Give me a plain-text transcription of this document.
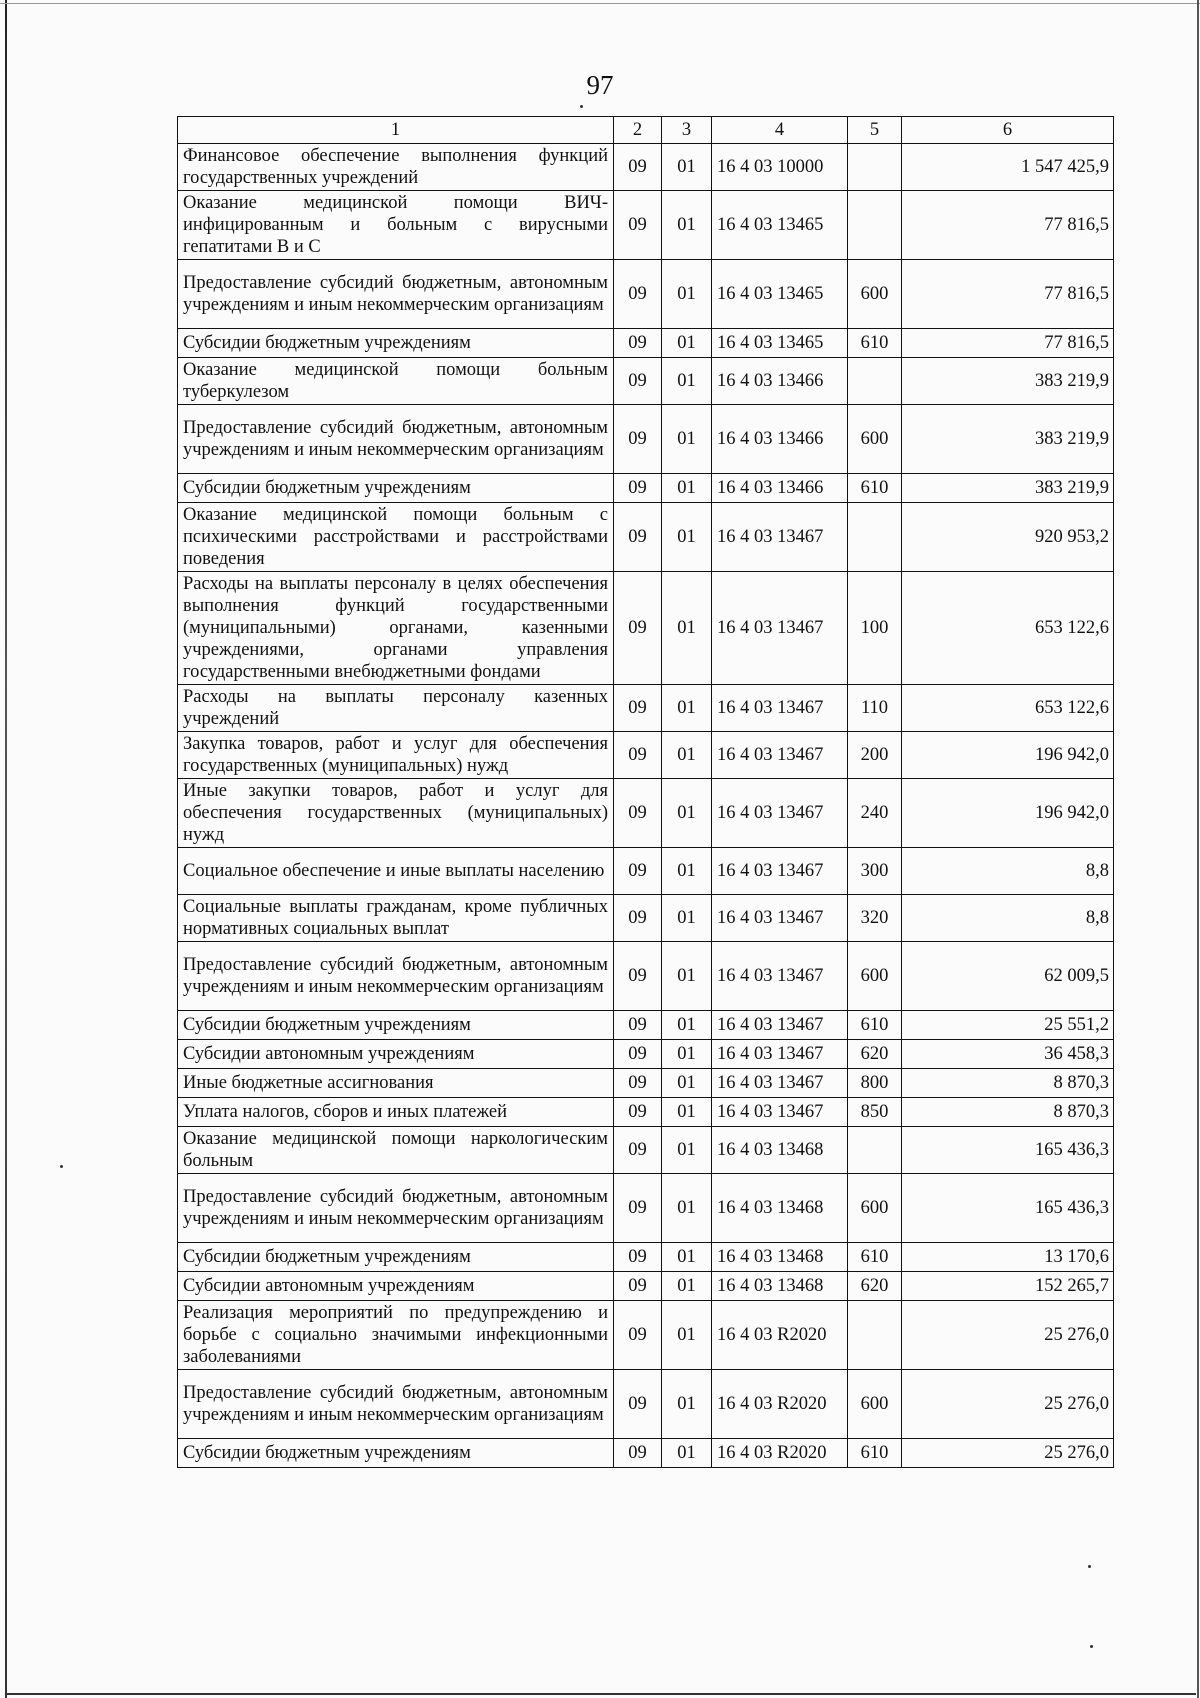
97
1	2	3	4	5	6
Финансовое обеспечение выполнения функций государственных учреждений	09	01	16 4 03 10000		1 547 425,9
Оказание медицинской помощи ВИЧ-инфицированным и больным с вирусными гепатитами В и С	09	01	16 4 03 13465		77 816,5
Предоставление субсидий бюджетным, автономным учреждениям и иным некоммерческим организациям	09	01	16 4 03 13465	600	77 816,5
Субсидии бюджетным учреждениям	09	01	16 4 03 13465	610	77 816,5
Оказание медицинской помощи больным туберкулезом	09	01	16 4 03 13466		383 219,9
Предоставление субсидий бюджетным, автономным учреждениям и иным некоммерческим организациям	09	01	16 4 03 13466	600	383 219,9
Субсидии бюджетным учреждениям	09	01	16 4 03 13466	610	383 219,9
Оказание медицинской помощи больным с психическими расстройствами и расстройствами поведения	09	01	16 4 03 13467		920 953,2
Расходы на выплаты персоналу в целях обеспечения выполнения функций государственными (муниципальными) органами, казенными учреждениями, органами управления государственными внебюджетными фондами	09	01	16 4 03 13467	100	653 122,6
Расходы на выплаты персоналу казенных учреждений	09	01	16 4 03 13467	110	653 122,6
Закупка товаров, работ и услуг для обеспечения государственных (муниципальных) нужд	09	01	16 4 03 13467	200	196 942,0
Иные закупки товаров, работ и услуг для обеспечения государственных (муниципальных) нужд	09	01	16 4 03 13467	240	196 942,0
Социальное обеспечение и иные выплаты населению	09	01	16 4 03 13467	300	8,8
Социальные выплаты гражданам, кроме публичных нормативных социальных выплат	09	01	16 4 03 13467	320	8,8
Предоставление субсидий бюджетным, автономным учреждениям и иным некоммерческим организациям	09	01	16 4 03 13467	600	62 009,5
Субсидии бюджетным учреждениям	09	01	16 4 03 13467	610	25 551,2
Субсидии автономным учреждениям	09	01	16 4 03 13467	620	36 458,3
Иные бюджетные ассигнования	09	01	16 4 03 13467	800	8 870,3
Уплата налогов, сборов и иных платежей	09	01	16 4 03 13467	850	8 870,3
Оказание медицинской помощи наркологическим больным	09	01	16 4 03 13468		165 436,3
Предоставление субсидий бюджетным, автономным учреждениям и иным некоммерческим организациям	09	01	16 4 03 13468	600	165 436,3
Субсидии бюджетным учреждениям	09	01	16 4 03 13468	610	13 170,6
Субсидии автономным учреждениям	09	01	16 4 03 13468	620	152 265,7
Реализация мероприятий по предупреждению и борьбе с социально значимыми инфекционными заболеваниями	09	01	16 4 03 R2020		25 276,0
Предоставление субсидий бюджетным, автономным учреждениям и иным некоммерческим организациям	09	01	16 4 03 R2020	600	25 276,0
Субсидии бюджетным учреждениям	09	01	16 4 03 R2020	610	25 276,0
